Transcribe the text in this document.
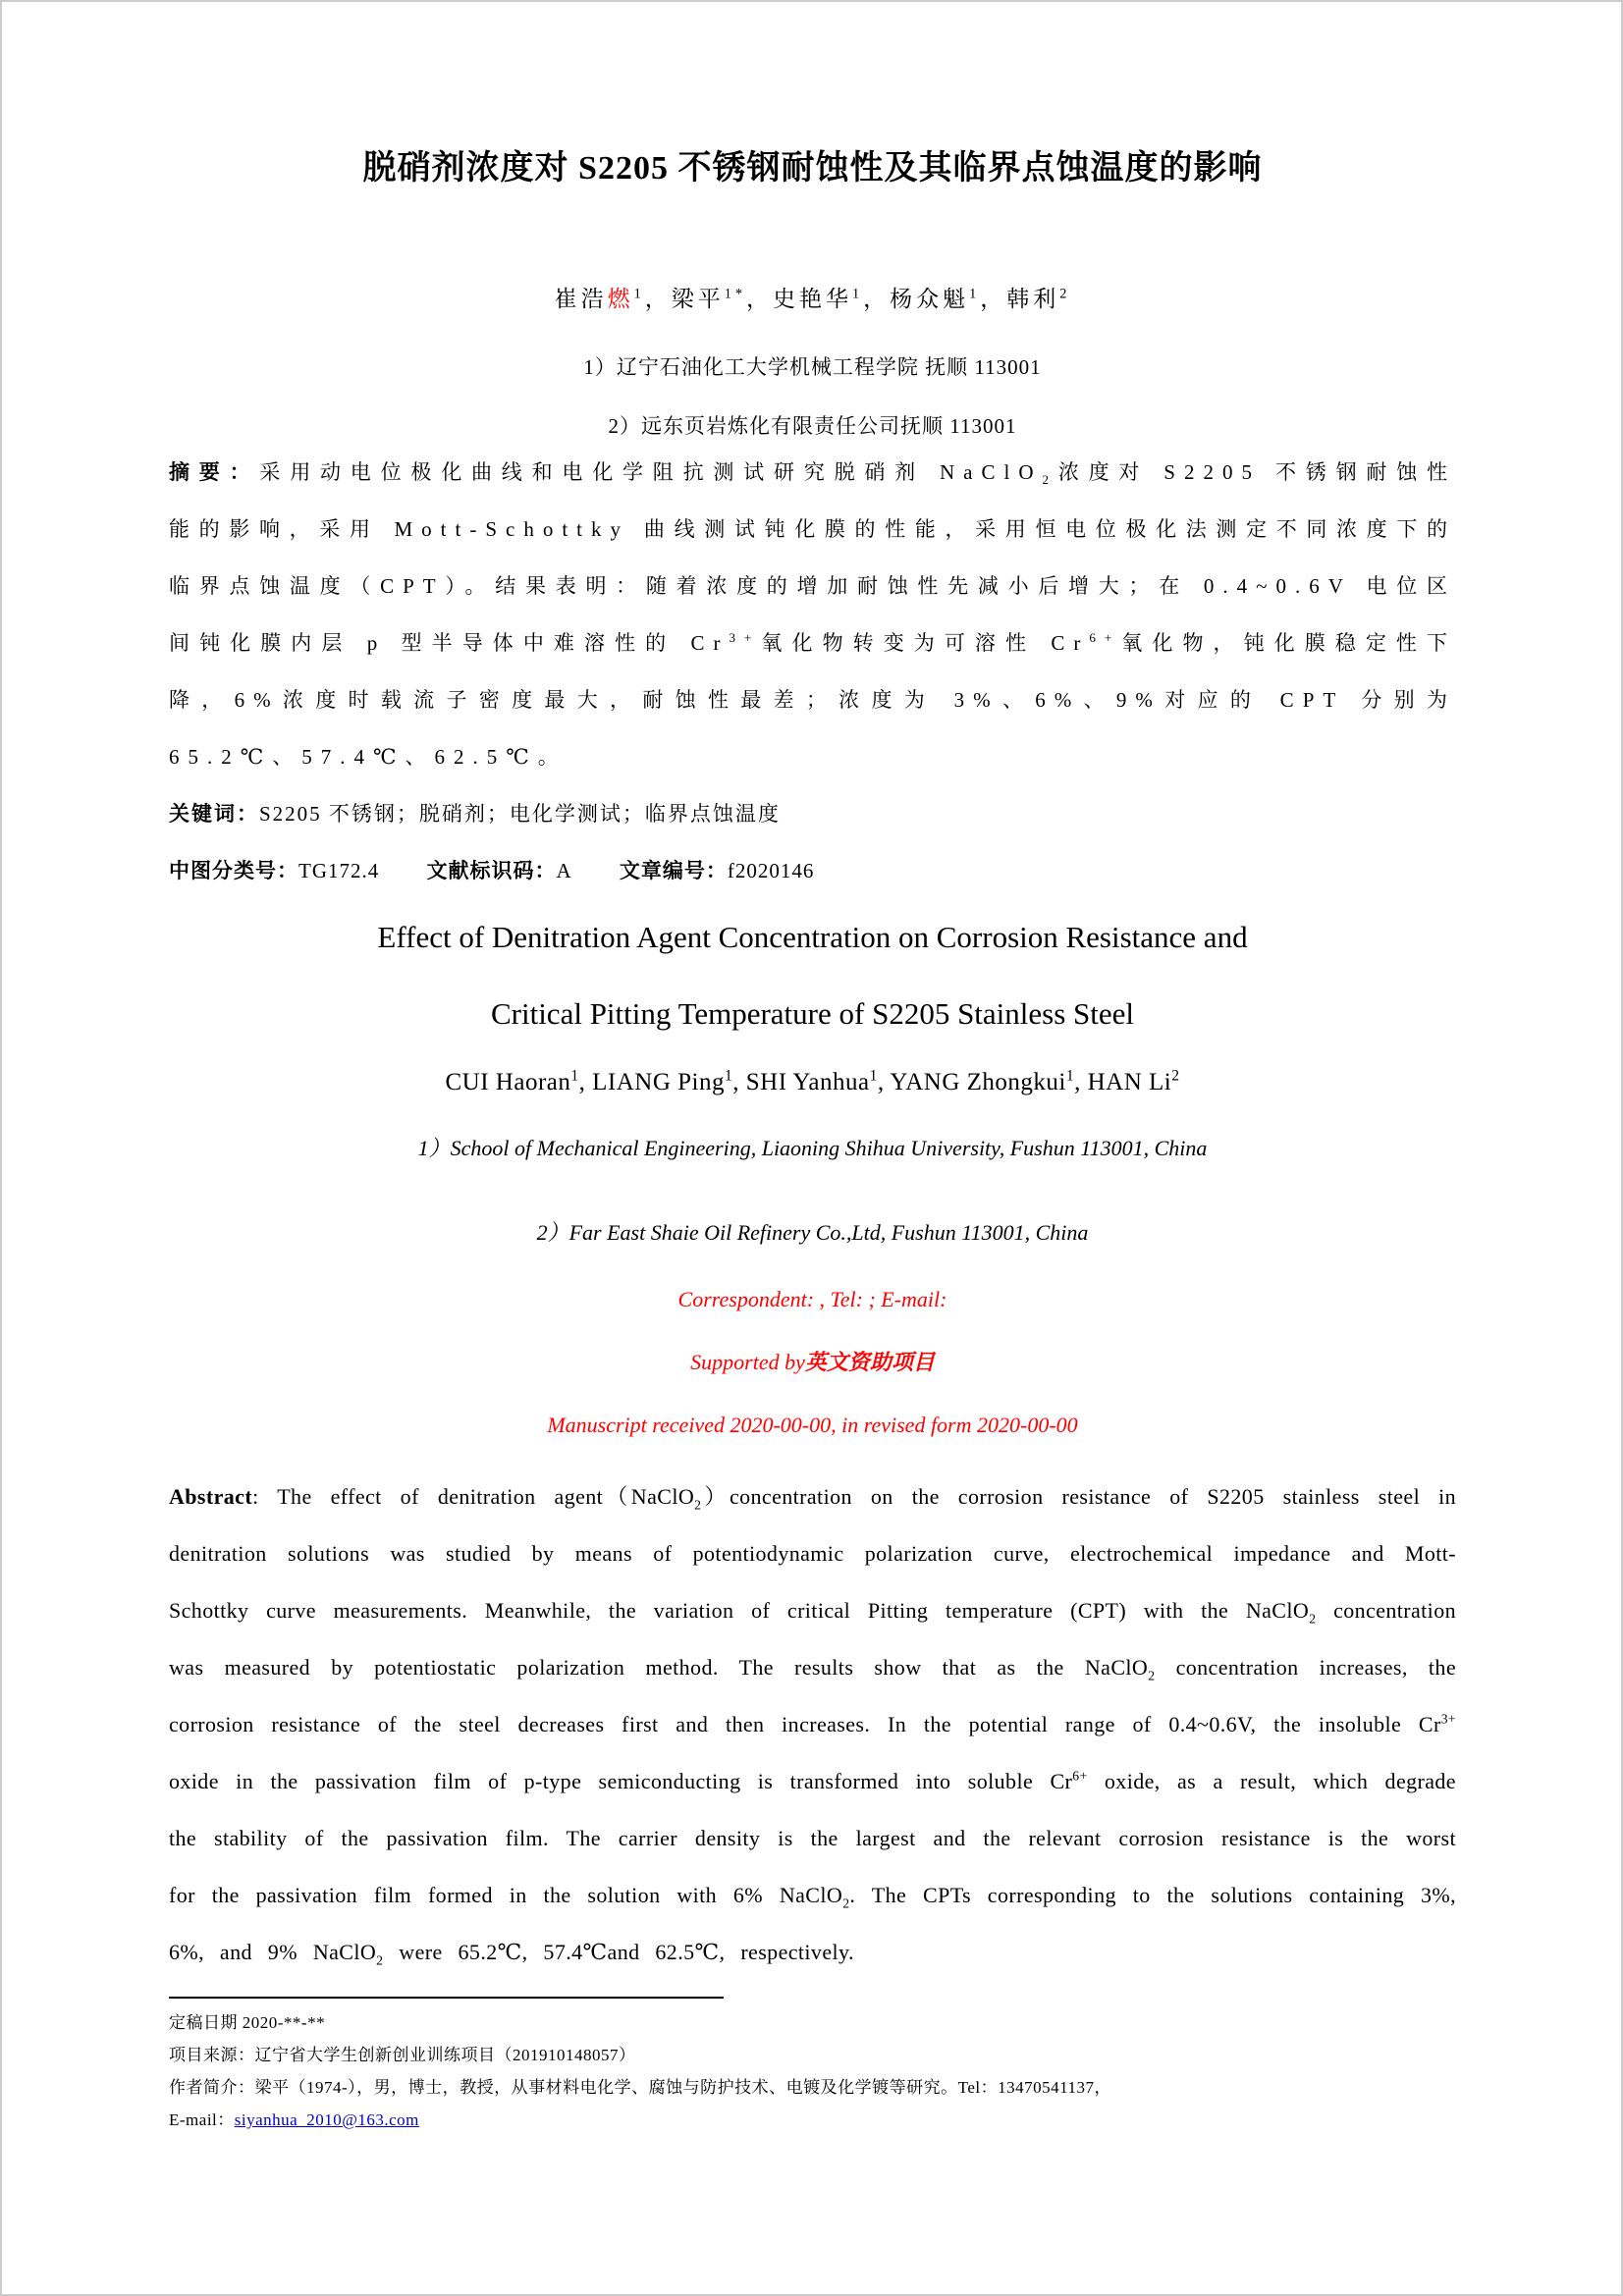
脱硝剂浓度对 S2205 不锈钢耐蚀性及其临界点蚀温度的影响
崔浩燃$^1$，梁平$^{1*}$，史艳华$^1$，杨众魁$^1$，韩利$^2$
1）辽宁石油化工大学机械工程学院 抚顺 113001
2）远东页岩炼化有限责任公司抚顺 113001
摘要：采用动电位极化曲线和电化学阻抗测试研究脱硝剂 NaClO$_2$浓度对 S2205 不锈钢耐蚀性能的影响，采用 Mott-Schottky 曲线测试钝化膜的性能，采用恒电位极化法测定不同浓度下的临界点蚀温度（CPT）。结果表明：随着浓度的增加耐蚀性先减小后增大；在 0.4~0.6V 电位区间钝化膜内层 p 型半导体中难溶性的 $Cr^{3+}$氧化物转变为可溶性 $Cr^{6+}$氧化物，钝化膜稳定性下降，6%浓度时载流子密度最大，耐蚀性最差；浓度为 3%、6%、9%对应的 CPT 分别为 65.2℃、57.4℃、62.5℃。
关键词：S2205 不锈钢；脱硝剂；电化学测试；临界点蚀温度
中图分类号：TG172.4 文献标识码：A 文章编号：f2020146
Effect of Denitration Agent Concentration on Corrosion Resistance and
Critical Pitting Temperature of S2205 Stainless Steel
CUI Haoran$^1$, LIANG Ping$^1$, SHI Yanhua$^1$, YANG Zhongkui$^1$, HAN Li$^2$
1）School of Mechanical Engineering, Liaoning Shihua University, Fushun 113001, China
2）Far East Shaie Oil Refinery Co.,Ltd, Fushun 113001, China
Correspondent: , Tel: ; E-mail:
Supported by英文资助项目
Manuscript received 2020-00-00, in revised form 2020-00-00
Abstract: The effect of denitration agent（NaClO$_2$）concentration on the corrosion resistance of S2205 stainless steel in denitration solutions was studied by means of potentiodynamic polarization curve, electrochemical impedance and Mott-Schottky curve measurements. Meanwhile, the variation of critical Pitting temperature (CPT) with the NaClO$_2$ concentration was measured by potentiostatic polarization method. The results show that as the NaClO$_2$ concentration increases, the corrosion resistance of the steel decreases first and then increases. In the potential range of 0.4~0.6V, the insoluble $Cr^{3+}$ oxide in the passivation film of p-type semiconducting is transformed into soluble $Cr^{6+}$ oxide, as a result, which degrade the stability of the passivation film. The carrier density is the largest and the relevant corrosion resistance is the worst for the passivation film formed in the solution with 6% NaClO$_2$. The CPTs corresponding to the solutions containing 3%, 6%, and 9% NaClO$_2$ were 65.2℃, 57.4℃and 62.5℃, respectively.
定稿日期 2020-**-**
项目来源：辽宁省大学生创新创业训练项目（201910148057）
作者简介：梁平（1974-），男，博士，教授，从事材料电化学、腐蚀与防护技术、电镀及化学镀等研究。Tel：13470541137，
E-mail：siyanhua_2010@163.com
